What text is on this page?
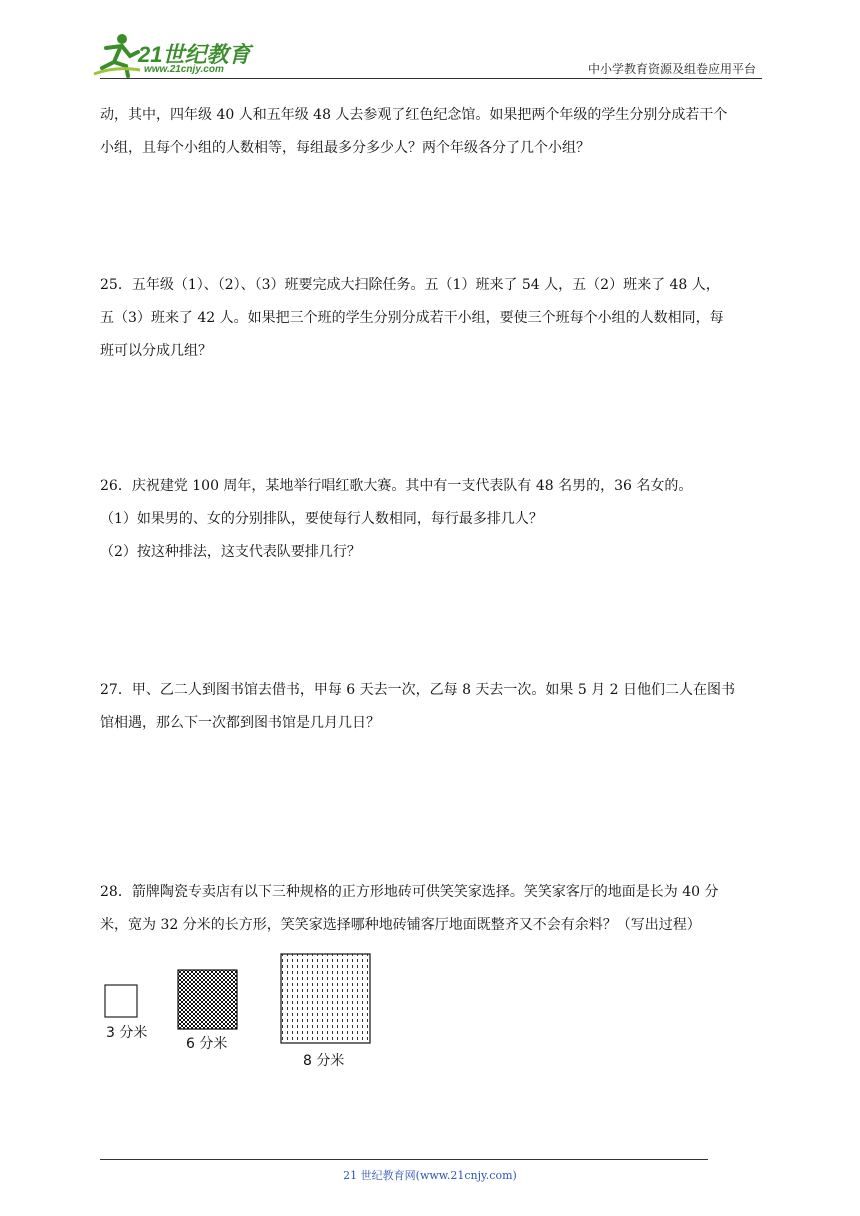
21世纪教育
www.21cnjy.com	中小学教育资源及组卷应用平台
动，其中，四年级 40 人和五年级 48 人去参观了红色纪念馆。如果把两个年级的学生分别分成若干个
小组，且每个小组的人数相等，每组最多分多少人？两个年级各分了几个小组？
25．五年级（1）、（2）、（3）班要完成大扫除任务。五（1）班来了 54 人，五（2）班来了 48 人，
五（3）班来了 42 人。如果把三个班的学生分别分成若干小组，要使三个班每个小组的人数相同，每
班可以分成几组？
26．庆祝建党 100 周年，某地举行唱红歌大赛。其中有一支代表队有 48 名男的，36 名女的。
（1）如果男的、女的分别排队，要使每行人数相同，每行最多排几人？
（2）按这种排法，这支代表队要排几行？
27．甲、乙二人到图书馆去借书，甲每 6 天去一次，乙每 8 天去一次。如果 5 月 2 日他们二人在图书
馆相遇，那么下一次都到图书馆是几月几日？
28．箭牌陶瓷专卖店有以下三种规格的正方形地砖可供笑笑家选择。笑笑家客厅的地面是长为 40 分
米，宽为 32 分米的长方形，笑笑家选择哪种地砖铺客厅地面既整齐又不会有余料？（写出过程）
3 分米
6 分米
8 分米
21 世纪教育网(www.21cnjy.com)
